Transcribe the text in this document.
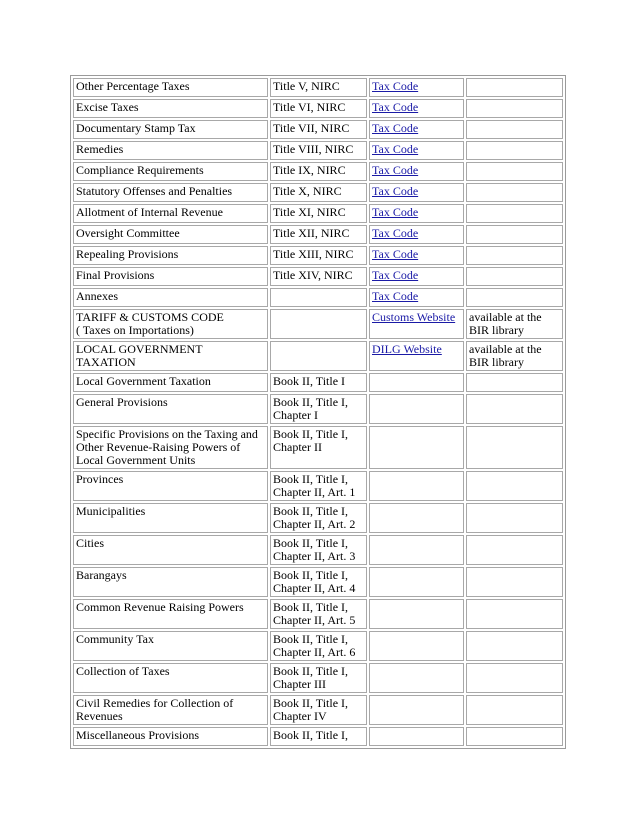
Other Percentage Taxes	Title V, NIRC	Tax Code	
Excise Taxes	Title VI, NIRC	Tax Code	
Documentary Stamp Tax	Title VII, NIRC	Tax Code	
Remedies	Title VIII, NIRC	Tax Code	
Compliance Requirements	Title IX, NIRC	Tax Code	
Statutory Offenses and Penalties	Title X, NIRC	Tax Code	
Allotment of Internal Revenue	Title XI, NIRC	Tax Code	
Oversight Committee	Title XII, NIRC	Tax Code	
Repealing Provisions	Title XIII, NIRC	Tax Code	
Final Provisions	Title XIV, NIRC	Tax Code	
Annexes		Tax Code	
TARIFF & CUSTOMS CODE
( Taxes on Importations)		Customs Website	available at the
BIR library
LOCAL GOVERNMENT
TAXATION		DILG Website	available at the
BIR library
Local Government Taxation	Book II, Title I		
General Provisions	Book II, Title I,
Chapter I		
Specific Provisions on the Taxing and
Other Revenue-Raising Powers of
Local Government Units	Book II, Title I,
Chapter II		
Provinces	Book II, Title I,
Chapter II, Art. 1		
Municipalities	Book II, Title I,
Chapter II, Art. 2		
Cities	Book II, Title I,
Chapter II, Art. 3		
Barangays	Book II, Title I,
Chapter II, Art. 4		
Common Revenue Raising Powers	Book II, Title I,
Chapter II, Art. 5		
Community Tax	Book II, Title I,
Chapter II, Art. 6		
Collection of Taxes	Book II, Title I,
Chapter III		
Civil Remedies for Collection of
Revenues	Book II, Title I,
Chapter IV		
Miscellaneous Provisions	Book II, Title I,		
